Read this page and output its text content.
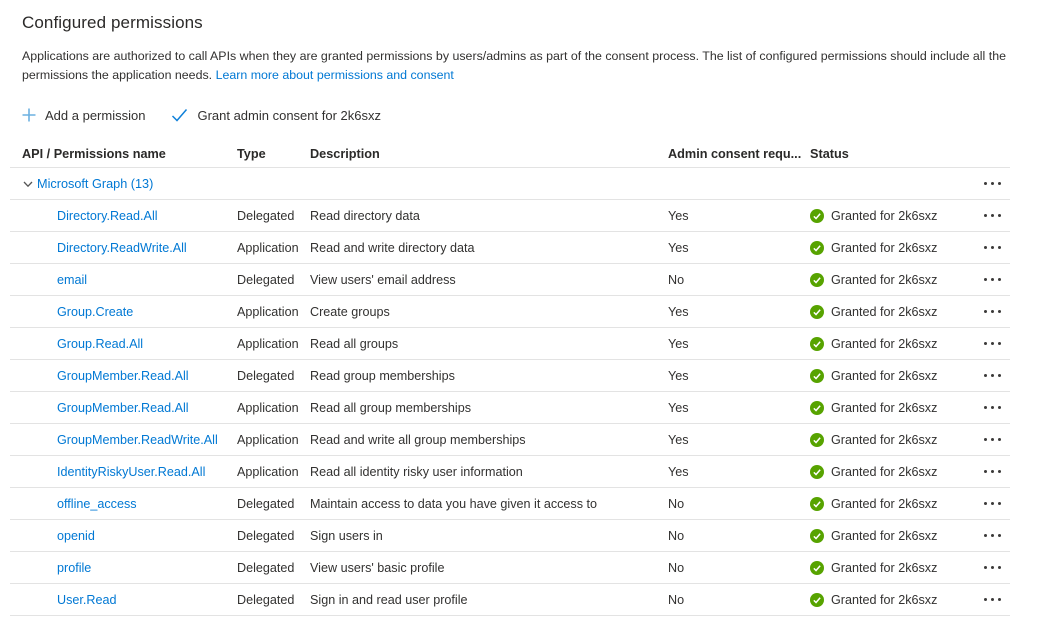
Configured permissions

Applications are authorized to call APIs when they are granted permissions by users/admins as part of the consent process. The list of configured permissions should include all the permissions the application needs. Learn more about permissions and consent

Add a permission	Grant admin consent for 2k6sxz
API / Permissions name	Type	Description	Admin consent requ... Status
Microsoft Graph (13)
Directory.Read.All	Delegated	Read directory data	Yes	Granted for 2k6sxz
Directory.ReadWrite.All	Application Read and write directory data	Yes	Granted for 2k6sxz
email	Delegated	View users' email address	No	Granted for 2k6sxz
Group.Create	Application Create groups	Yes	Granted for 2k6sxz
Group.Read.All	Application Read all groups	Yes	Granted for 2k6sxz
GroupMember.Read.All	Delegated	Read group memberships	Yes	Granted for 2k6sxz
GroupMember.Read.All	Application Read all group memberships	Yes	Granted for 2k6sxz
GroupMember.ReadWrite.All	Application Read and write all group memberships	Yes	Granted for 2k6sxz
IdentityRiskyUser.Read.All	Application Read all identity risky user information	Yes	Granted for 2k6sxz
offline_access	Delegated	Maintain access to data you have given it access to	No	Granted for 2k6sxz
openid	Delegated	Sign users in	No	Granted for 2k6sxz
profile	Delegated	View users' basic profile	No	Granted for 2k6sxz
User.Read	Delegated	Sign in and read user profile	No	Granted for 2k6sxz
